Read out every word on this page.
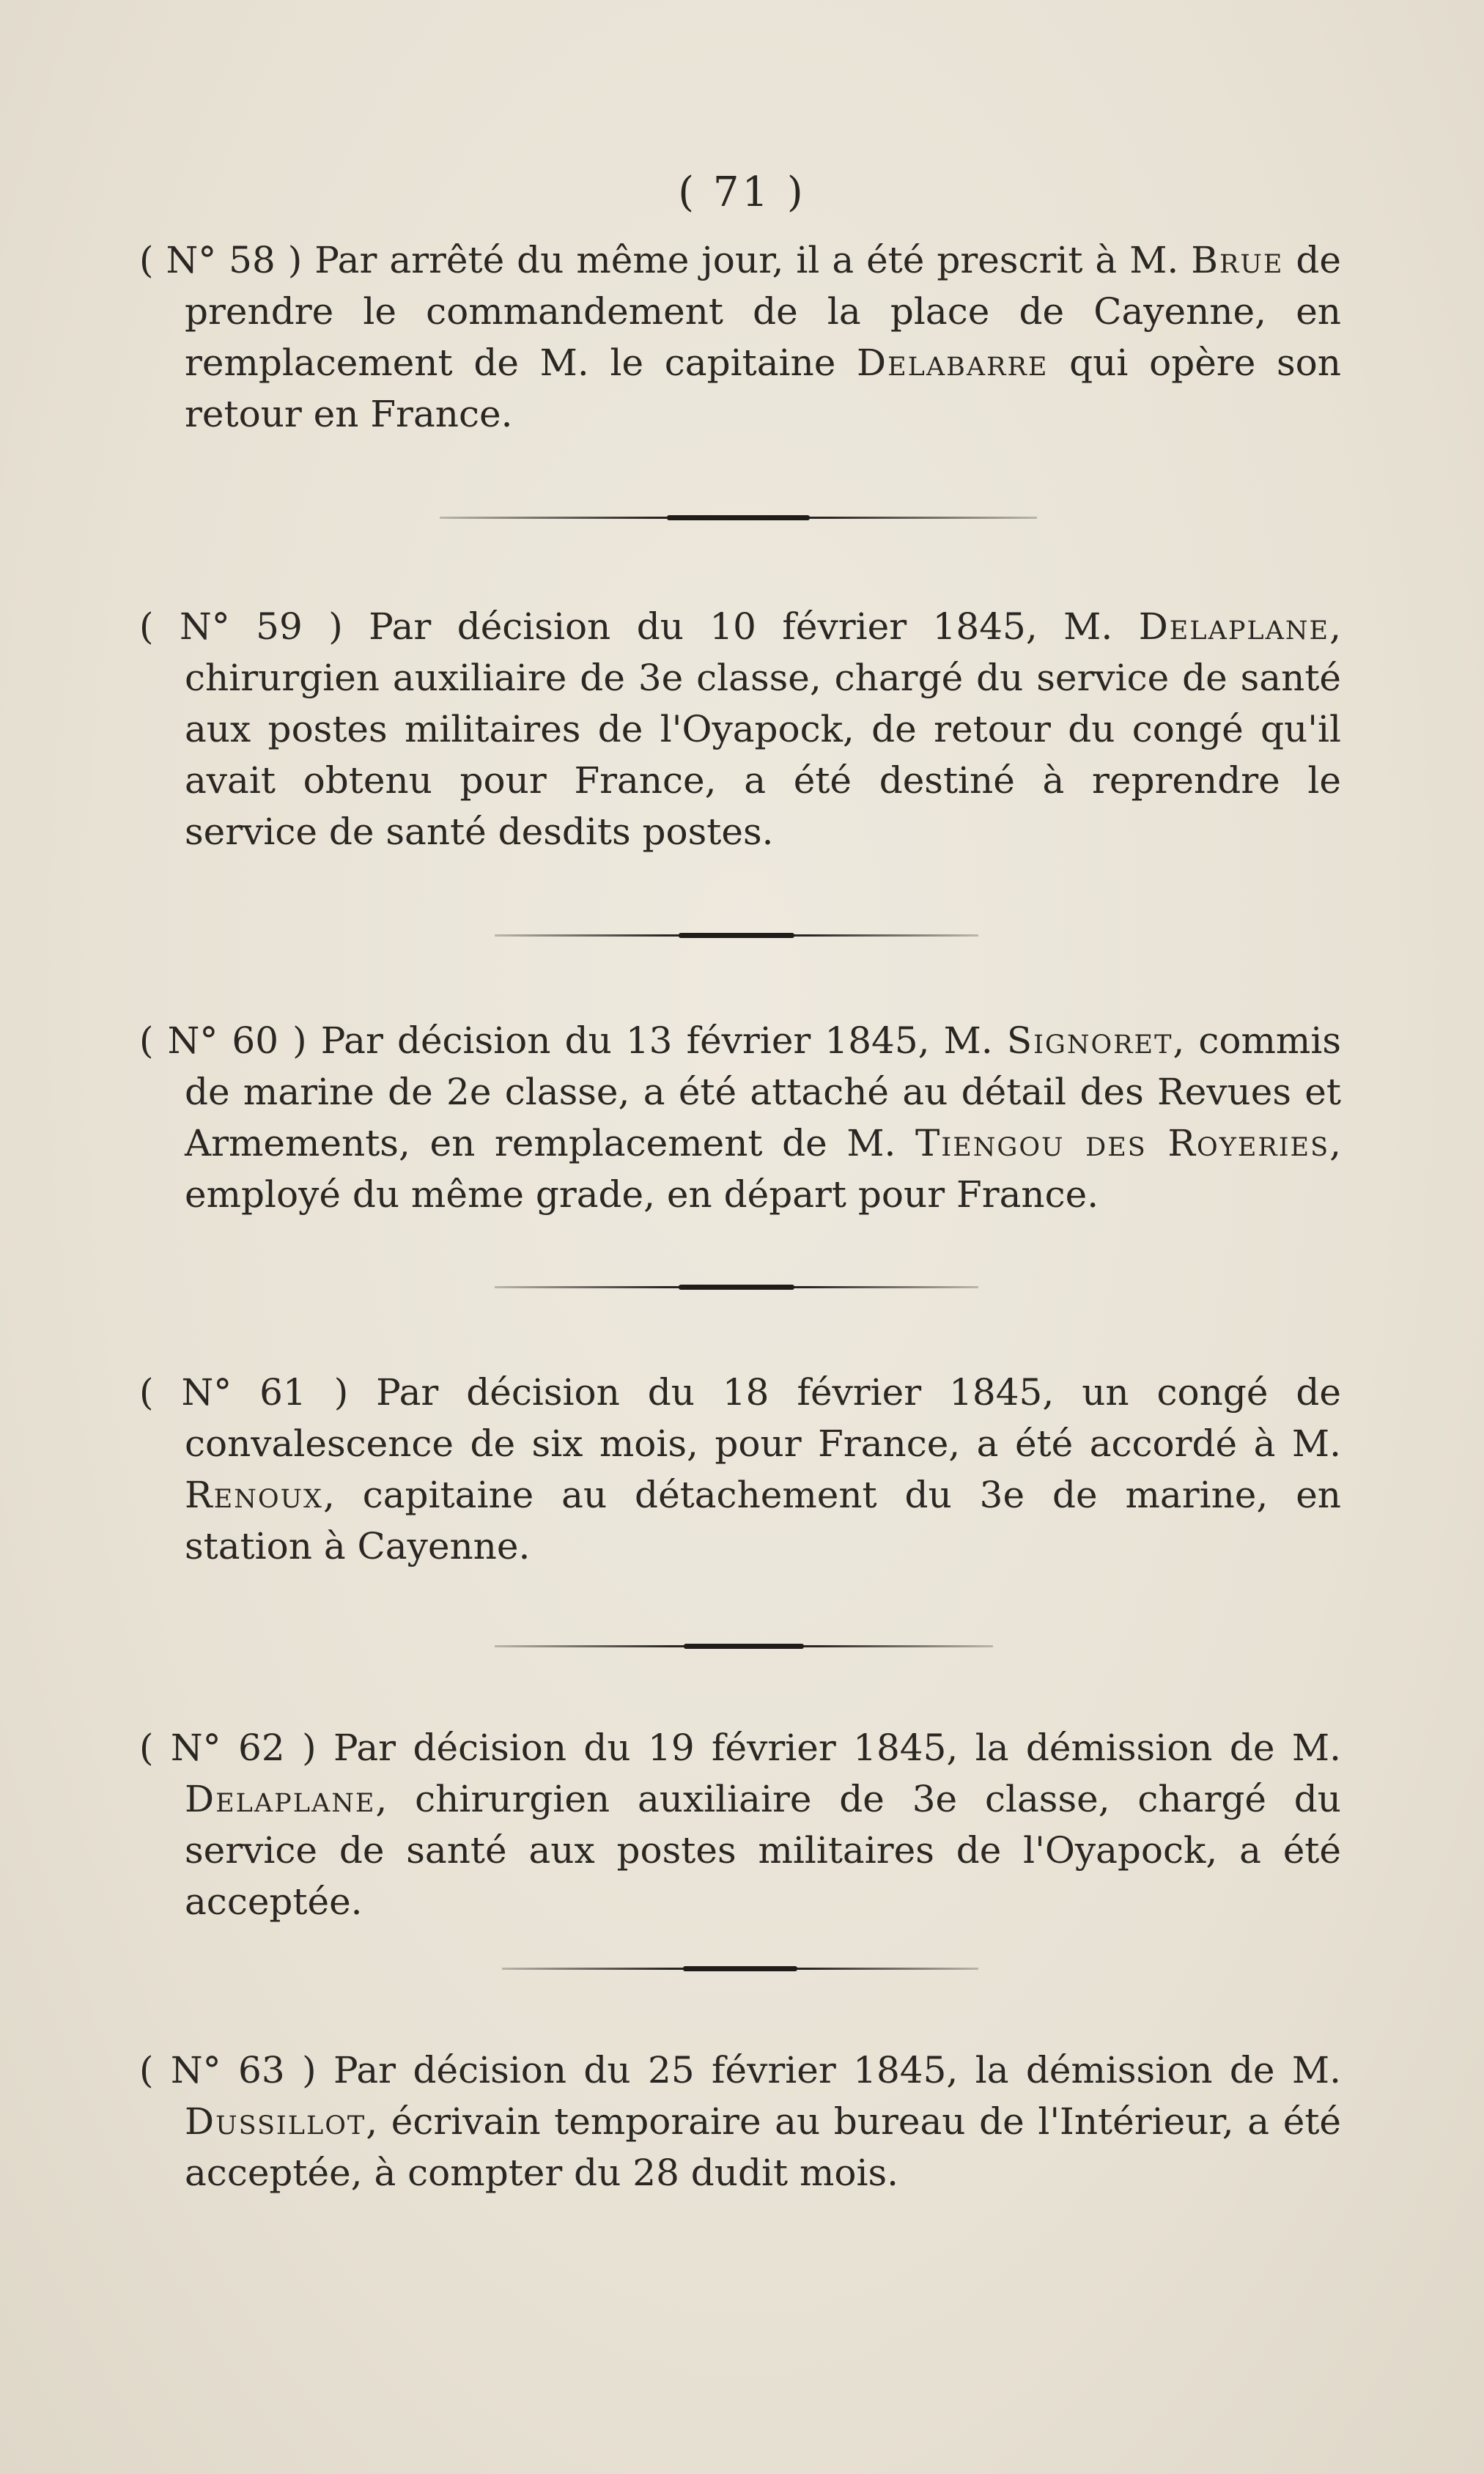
( 71 )

( N° 58 ) Par arrêté du même jour, il a été prescrit à M. Brue de prendre le commandement de la place de Cayenne, en remplacement de M. le capitaine Delabarre qui opère son retour en France.

( N° 59 ) Par décision du 10 février 1845, M. Delaplane, chirurgien auxiliaire de 3e classe, chargé du service de santé aux postes militaires de l'Oyapock, de retour du congé qu'il avait obtenu pour France, a été destiné à reprendre le service de santé desdits postes.

( N° 60 ) Par décision du 13 février 1845, M. Signoret, commis de marine de 2e classe, a été attaché au détail des Revues et Armements, en remplacement de M. Tiengou des Royeries, employé du même grade, en départ pour France.

( N° 61 ) Par décision du 18 février 1845, un congé de convalescence de six mois, pour France, a été accordé à M. Renoux, capitaine au détachement du 3e de marine, en station à Cayenne.

( N° 62 ) Par décision du 19 février 1845, la démission de M. Delaplane, chirurgien auxiliaire de 3e classe, chargé du service de santé aux postes militaires de l'Oyapock, a été acceptée.

( N° 63 ) Par décision du 25 février 1845, la démission de M. Dussillot, écrivain temporaire au bureau de l'Intérieur, a été acceptée, à compter du 28 dudit mois.
